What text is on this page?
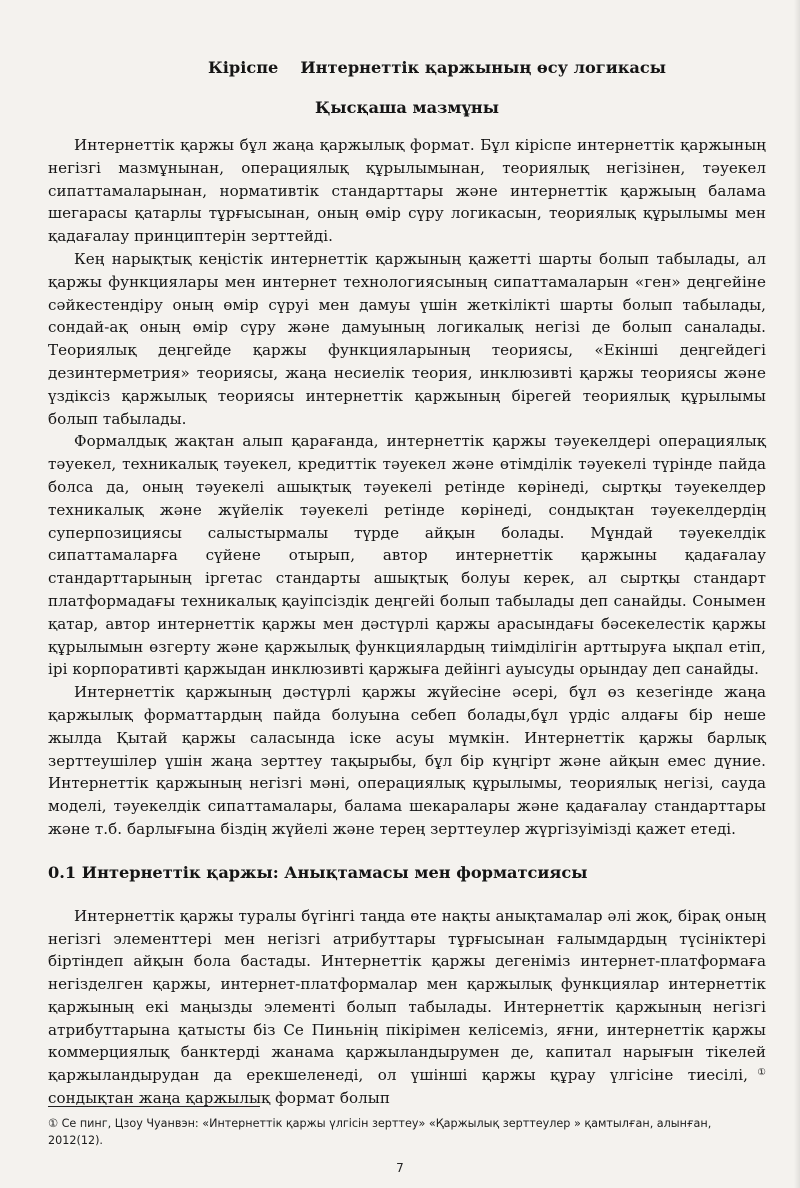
Кіріспе Интернеттік қаржының өсу логикасы
Қысқаша мазмұны

Интернеттік қаржы бұл жаңа қаржылық формат. Бұл кіріспе интернеттік қаржының негізгі мазмұнынан, операциялық құрылымынан, теориялық негізінен, тәуекел сипаттамаларынан, нормативтік стандарттары және интернеттік қаржыың балама шегарасы қатарлы тұрғысынан, оның өмір сүру логикасын, теориялық құрылымы мен қадағалау принциптерін зерттейді.

Кең нарықтық кеңістік интернеттік қаржының қажетті шарты болып табылады, ал қаржы функциялары мен интернет технологиясының сипаттамаларын «ген» деңгейіне сәйкестендіру оның өмір сүруі мен дамуы үшін жеткілікті шарты болып табылады, сондай-ақ оның өмір сүру және дамуының логикалық негізі де болып саналады. Теориялық деңгейде қаржы функцияларының теориясы, «Екінші деңгейдегі дезинтерметрия» теориясы, жаңа несиелік теория, инклюзивті қаржы теориясы және үздіксіз қаржылық теориясы интернеттік қаржының бірегей теориялық құрылымы болып табылады.

Формалдық жақтан алып қарағанда, интернеттік қаржы тәуекелдері операциялық тәуекел, техникалық тәуекел, кредиттік тәуекел және өтімділік тәуекелі түрінде пайда болса да, оның тәуекелі ашықтық тәуекелі ретінде көрінеді, сыртқы тәуекелдер техникалық және жүйелік тәуекелі ретінде көрінеді, сондықтан тәуекелдердің суперпозициясы салыстырмалы түрде айқын болады. Мұндай тәуекелдік сипаттамаларға сүйене отырып, автор интернеттік қаржыны қадағалау стандарттарының іргетас стандарты ашықтық болуы керек, ал сыртқы стандарт платформадағы техникалық қауіпсіздік деңгейі болып табылады деп санайды. Сонымен қатар, автор интернеттік қаржы мен дәстүрлі қаржы арасындағы бәсекелестік қаржы құрылымын өзгерту және қаржылық функциялардың тиімділігін арттыруға ықпал етіп, ірі корпоративті қаржыдан инклюзивті қаржыға дейінгі ауысуды орындау деп санайды.

Интернеттік қаржының дәстүрлі қаржы жүйесіне әсері, бұл өз кезегінде жаңа қаржылық форматтардың пайда болуына себеп болады,бұл үрдіс алдағы бір неше жылда Қытай қаржы саласында іске асуы мүмкін. Интернеттік қаржы барлық зерттеушілер үшін жаңа зерттеу тақырыбы, бұл бір күңгірт және айқын емес дүние. Интернеттік қаржының негізгі мәні, операциялық құрылымы, теориялық негізі, сауда моделі, тәуекелдік сипаттамалары, балама шекаралары және қадағалау стандарттары және т.б. барлығына біздің жүйелі және терең зерттеулер жүргізуімізді қажет етеді.

0.1 Интернеттік қаржы: Анықтамасы мен форматсиясы

Интернеттік қаржы туралы бүгінгі таңда өте нақты анықтамалар әлі жоқ, бірақ оның негізгі элементтері мен негізгі атрибуттары тұрғысынан ғалымдардың түсініктері біртіндеп айқын бола бастады. Интернеттік қаржы дегеніміз интернет-платформаға негізделген қаржы, интернет-платформалар мен қаржылық функциялар интернеттік қаржының екі маңызды элементі болып табылады. Интернеттік қаржының негізгі атрибуттарына қатысты біз Се Пиньнің пікірімен келісеміз, яғни, интернеттік қаржы коммерциялық банктерді жанама қаржыландырумен де, капитал нарығын тікелей қаржыландырудан да ерекшеленеді, ол үшінші қаржы құрау үлгісіне тиесілі,① сондықтан жаңа қаржылық формат болып

① Се пинг, Цзоу Чуанвэн: «Интернеттік қаржы үлгісін зерттеу» «Қаржылық зерттеулер » қамтылған, алынған, 2012(12).

7
